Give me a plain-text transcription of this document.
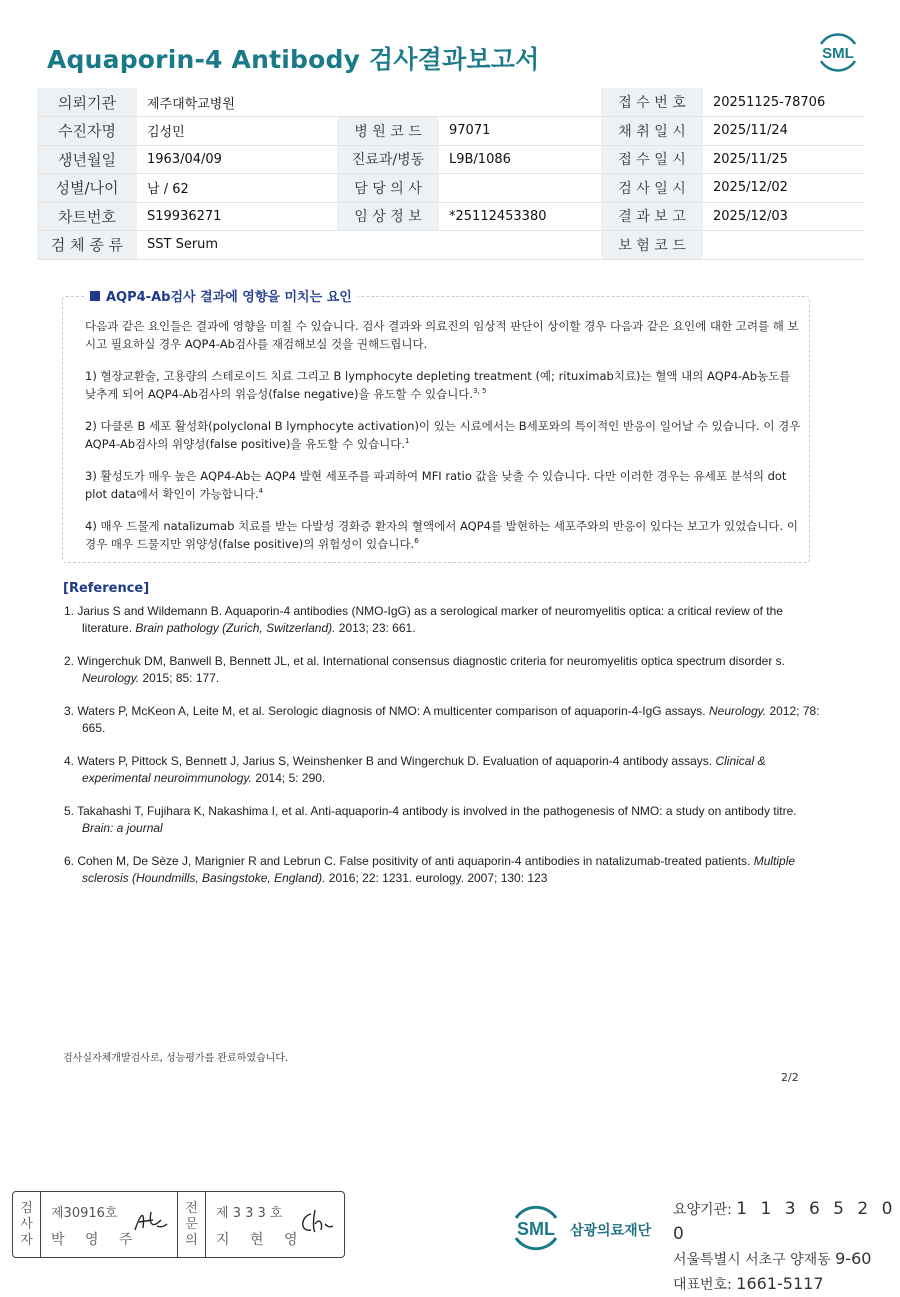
Aquaporin-4 Antibody 검사결과보고서	SML
의뢰기관	제주대학교병원			접 수 번 호	20251125-78706
수진자명	김성민	병 원 코 드	97071	채 취 일 시	2025/11/24
생년월일	1963/04/09	진료과/병동	L9B/1086	접 수 일 시	2025/11/25
성별/나이	남 / 62	담 당 의 사		검 사 일 시	2025/12/02
차트번호	S19936271	임 상 정 보	*25112453380	결 과 보 고	2025/12/03
검 체 종 류	SST Serum			보 험 코 드	
AQP4-Ab검사 결과에 영향을 미치는 요인

다음과 같은 요인들은 결과에 영향을 미칠 수 있습니다. 검사 결과와 의료진의 임상적 판단이 상이할 경우 다음과 같은 요인에 대한 고려를 해 보시고 필요하실 경우 AQP4-Ab검사를 재검해보실 것을 권해드립니다.

1) 혈장교환술, 고용량의 스테로이드 치료 그리고 B lymphocyte depleting treatment (예; rituximab치료)는 혈액 내의 AQP4-Ab농도를 낮추게 되어 AQP4-Ab검사의 위음성(false negative)을 유도할 수 있습니다.$^{3, 5}$

2) 다클론 B 세포 활성화(polyclonal B lymphocyte activation)이 있는 시료에서는 B세포와의 특이적인 반응이 일어날 수 있습니다. 이 경우 AQP4-Ab검사의 위양성(false positive)을 유도할 수 있습니다.$^1$

3) 활성도가 매우 높은 AQP4-Ab는 AQP4 발현 세포주를 파괴하여 MFI ratio 값을 낮출 수 있습니다. 다만 이러한 경우는 유세포 분석의 dot plot data에서 확인이 가능합니다.$^4$

4) 매우 드물게 natalizumab 치료를 받는 다발성 경화증 환자의 혈액에서 AQP4를 발현하는 세포주와의 반응이 있다는 보고가 있었습니다. 이 경우 매우 드물지만 위양성(false positive)의 위험성이 있습니다.$^6$

[Reference]
1. Jarius S and Wildemann B. Aquaporin-4 antibodies (NMO-IgG) as a serological marker of neuromyelitis optica: a critical review of the literature. Brain pathology (Zurich, Switzerland). 2013; 23: 661.
2. Wingerchuk DM, Banwell B, Bennett JL, et al. International consensus diagnostic criteria for neuromyelitis optica spectrum disorder s. Neurology. 2015; 85: 177.
3. Waters P, McKeon A, Leite M, et al. Serologic diagnosis of NMO: A multicenter comparison of aquaporin-4-IgG assays. Neurology. 2012; 78: 665.
4. Waters P, Pittock S, Bennett J, Jarius S, Weinshenker B and Wingerchuk D. Evaluation of aquaporin-4 antibody assays. Clinical & experimental neuroimmunology. 2014; 5: 290.
5. Takahashi T, Fujihara K, Nakashima I, et al. Anti-aquaporin-4 antibody is involved in the pathogenesis of NMO: a study on antibody titre. Brain: a journal
6. Cohen M, De Sèze J, Marignier R and Lebrun C. False positivity of anti aquaporin-4 antibodies in natalizumab-treated patients. Multiple sclerosis (Houndmills, Basingstoke, England). 2016; 22: 1231. eurology. 2007; 130: 123
검사실자체개발검사로, 성능평가를 완료하였습니다.
2/2
검
사
자
제30916호
박 영 주
전
문
의
제 3 3 3 호
지 현 영
SML 삼광의료재단
요양기관: 1 1 3 6 5 2 0 0
서울특별시 서초구 양재동 9-60
대표번호: 1661-5117
